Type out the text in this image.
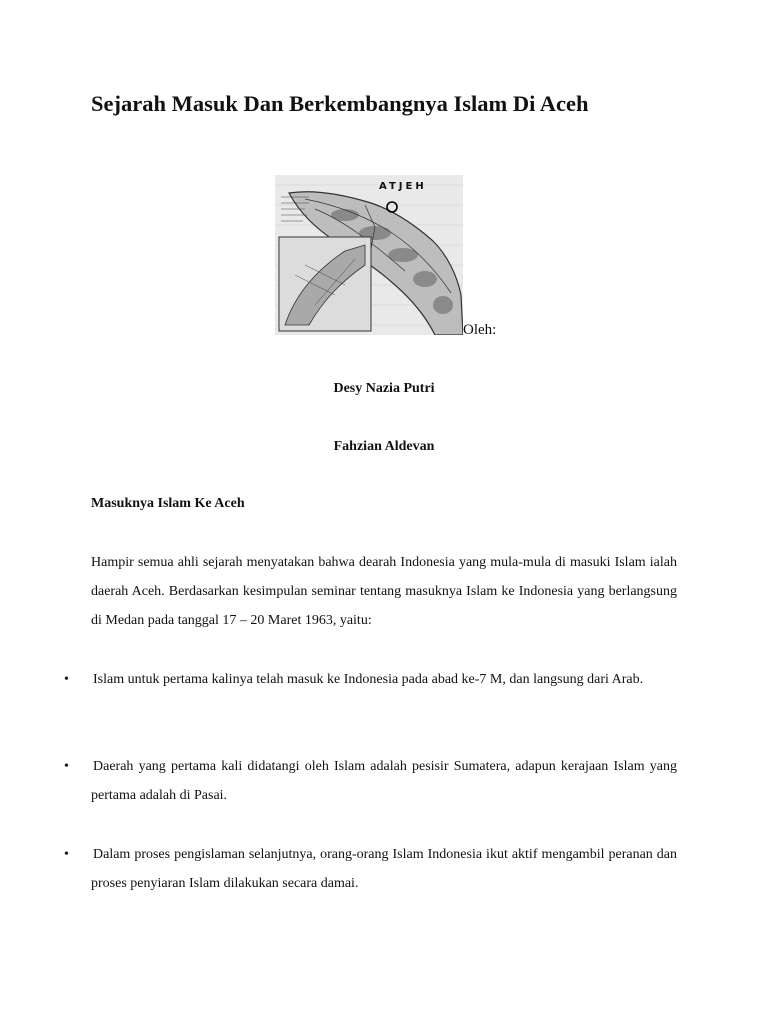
Sejarah Masuk Dan Berkembangnya Islam Di Aceh
ATJEH
Oleh:
Desy Nazia Putri
Fahzian Aldevan
Masuknya Islam Ke Aceh

Hampir semua ahli sejarah menyatakan bahwa dearah Indonesia yang mula-mula di masuki Islam ialah daerah Aceh. Berdasarkan kesimpulan seminar tentang masuknya Islam ke Indonesia yang berlangsung di Medan pada tanggal 17 – 20 Maret 1963, yaitu:

• Islam untuk pertama kalinya telah masuk ke Indonesia pada abad ke-7 M, dan langsung dari Arab.

• Daerah yang pertama kali didatangi oleh Islam adalah pesisir Sumatera, adapun kerajaan Islam yang pertama adalah di Pasai.

• Dalam proses pengislaman selanjutnya, orang-orang Islam Indonesia ikut aktif mengambil peranan dan proses penyiaran Islam dilakukan secara damai.
